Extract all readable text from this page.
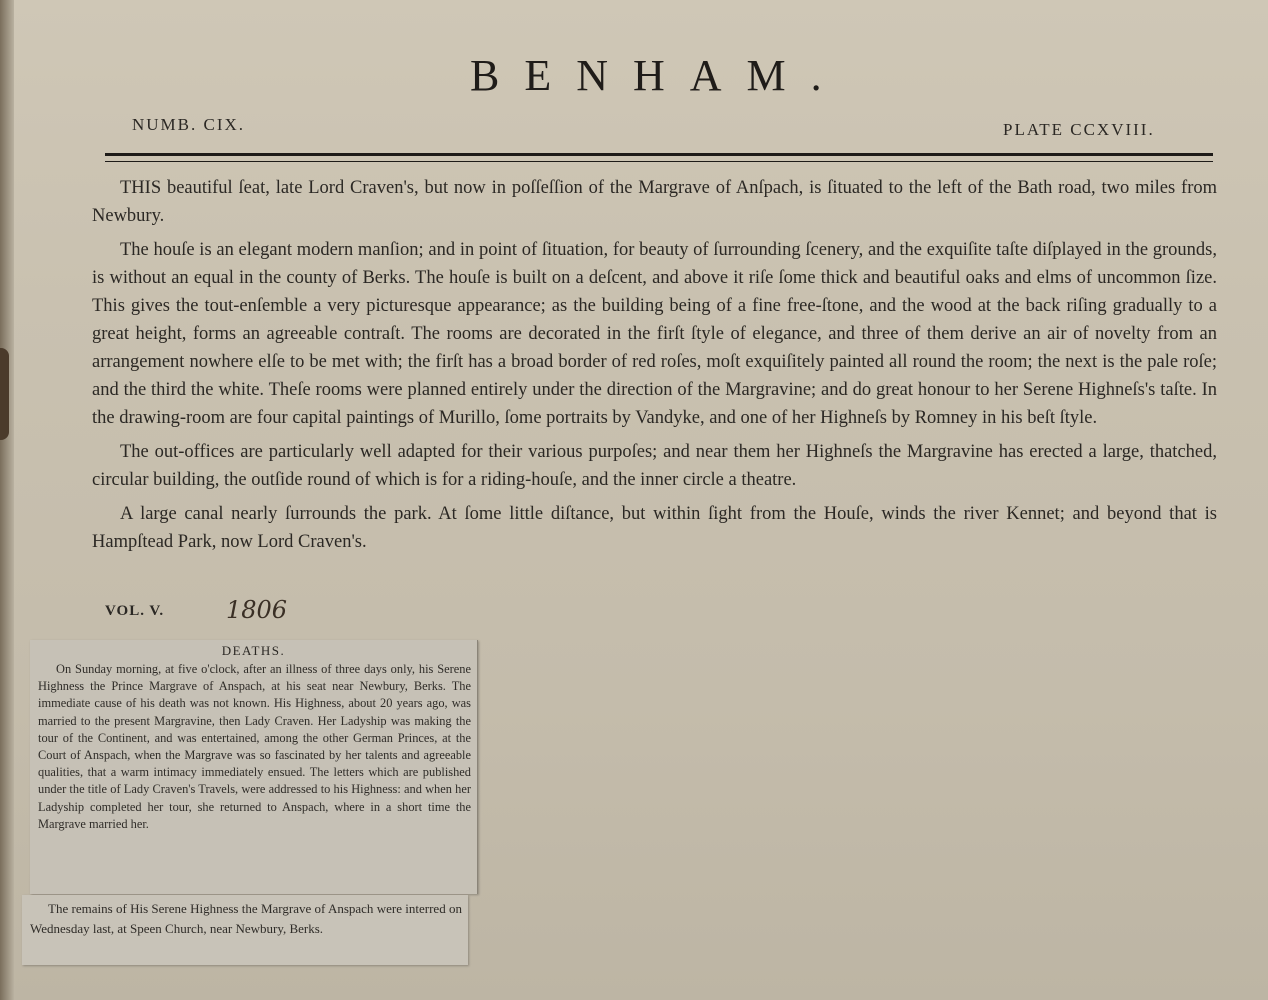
BENHAM.
NUMB. CIX.	PLATE CCXVIII.

THIS beautiful ſeat, late Lord Craven's, but now in poſſeſſion of the Margrave of Anſpach, is ſituated to the left of the Bath road, two miles from Newbury.

The houſe is an elegant modern manſion; and in point of ſituation, for beauty of ſurrounding ſcenery, and the exquiſite taſte diſplayed in the grounds, is without an equal in the county of Berks. The houſe is built on a deſcent, and above it riſe ſome thick and beautiful oaks and elms of uncommon ſize. This gives the tout-enſemble a very picturesque appearance; as the building being of a fine free-ſtone, and the wood at the back riſing gradually to a great height, forms an agreeable contraſt. The rooms are decorated in the firſt ſtyle of elegance, and three of them derive an air of novelty from an arrangement nowhere elſe to be met with; the firſt has a broad border of red roſes, moſt exquiſitely painted all round the room; the next is the pale roſe; and the third the white. Theſe rooms were planned entirely under the direction of the Margravine; and do great honour to her Serene Highneſs's taſte. In the drawing-room are four capital paintings of Murillo, ſome portraits by Vandyke, and one of her Highneſs by Romney in his beſt ſtyle.

The out-offices are particularly well adapted for their various purpoſes; and near them her Highneſs the Margravine has erected a large, thatched, circular building, the outſide round of which is for a riding-houſe, and the inner circle a theatre.

A large canal nearly ſurrounds the park. At ſome little diſtance, but within ſight from the Houſe, winds the river Kennet; and beyond that is Hampſtead Park, now Lord Craven's.

VOL. V.	1806
DEATHS.
On Sunday morning, at five o'clock, after an illness of three days only, his Serene Highness the Prince Margrave of Anspach, at his seat near Newbury, Berks. The immediate cause of his death was not known. His Highness, about 20 years ago, was married to the present Margravine, then Lady Craven. Her Ladyship was making the tour of the Continent, and was entertained, among the other German Princes, at the Court of Anspach, when the Margrave was so fascinated by her talents and agreeable qualities, that a warm intimacy immediately ensued. The letters which are published under the title of Lady Craven's Travels, were addressed to his Highness: and when her Ladyship completed her tour, she returned to Anspach, where in a short time the Margrave married her.
The remains of His Serene Highness the Margrave of Anspach were interred on Wednesday last, at Speen Church, near Newbury, Berks.
